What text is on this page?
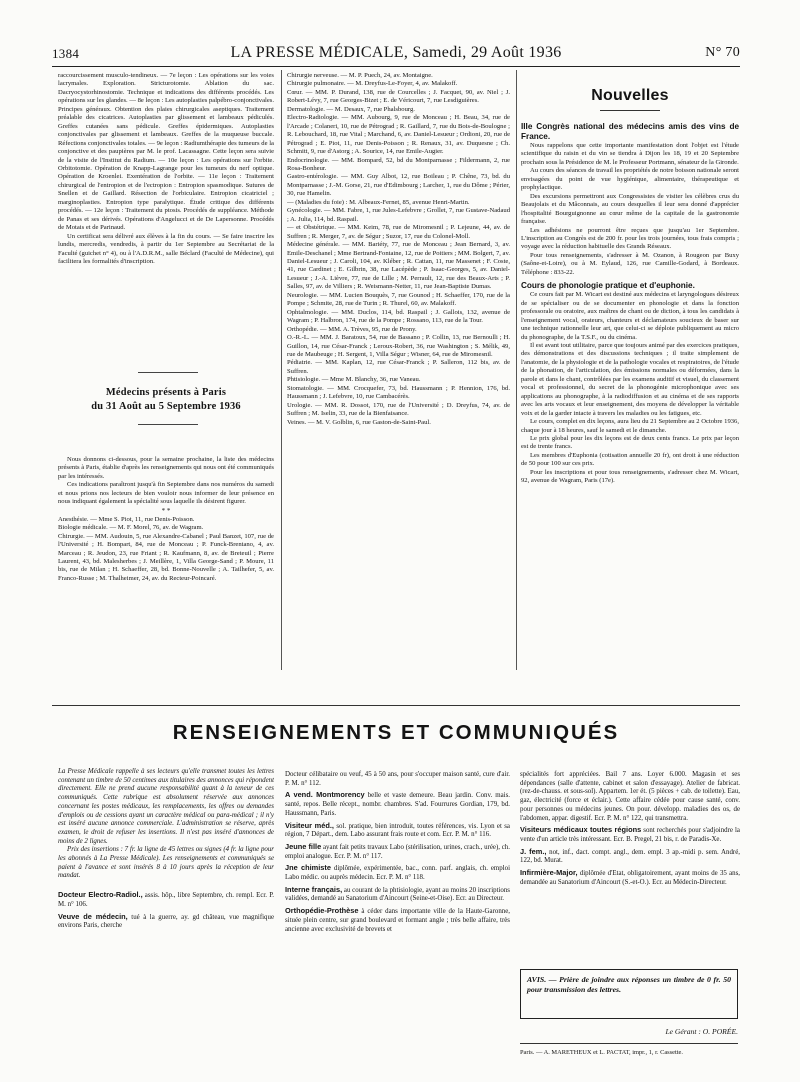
1384	LA PRESSE MÉDICALE, Samedi, 29 Août 1936	N° 70

raccourcissement musculo-tendineux. — 7e leçon : Les opérations sur les voies lacrymales. Exploration. Stricturotomie. Ablation du sac. Dacryocystorhinostomie. Technique et indications des différents procédés. Les opérations sur les glandes. — 8e leçon : Les autoplasties palpébro-conjonctivales. Principes généraux. Obtention des plaies chirurgicales aseptiques. Traitement préalable des cicatrices. Autoplasties par glissement et lambeaux pédiculés. Greffes cutanées sans pédicule. Greffes épidermiques. Autoplasties conjonctivales par glissement et lambeaux. Greffes de la muqueuse buccale. Réfections conjonctivales totales. — 9e leçon : Radiumthérapie des tumeurs de la conjonctive et des paupières par M. le prof. Lacassagne. Cette leçon sera suivie de la visite de l'Institut du Radium. — 10e leçon : Les opérations sur l'orbite. Orbitotomie. Opération de Knapp-Lagrange pour les tumeurs du nerf optique. Opération de Kroenlei. Exentération de l'orbite. — 11e leçon : Traitement chirurgical de l'entropion et de l'ectropion : Entropion spasmodique. Sutures de Snellen et de Gaillard. Résection de l'orbiculaire. Entropion cicatriciel ; marginoplasties. Entropion type paralytique. Étude critique des différents procédés. — 12e leçon : Traitement du ptosis. Procédés de suppléance. Méthode de Panas et ses dérivés. Opérations d'Angelucci et de De Lapersonne. Procédés de Motais et de Parinaud.

Un certificat sera délivré aux élèves à la fin du cours. — Se faire inscrire les lundis, mercredis, vendredis, à partir du 1er Septembre au Secrétariat de la Faculté (guichet n° 4), ou à l'A.D.R.M., salle Béclard (Faculté de Médecine), qui facilitera les formalités d'inscription.

Médecins présents à Paris
du 31 Août au 5 Septembre 1936

Nous donnons ci-dessous, pour la semaine prochaine, la liste des médecins présents à Paris, établie d'après les renseignements qui nous ont été communiqués par les intéressés.

Ces indications paraîtront jusqu'à fin Septembre dans nos numéros du samedi et nous prions nos lecteurs de bien vouloir nous informer de leur présence en nous indiquant également la spécialité sous laquelle ils désirent figurer.

* *

Anesthésie. — Mme S. Piot, 11, rue Denis-Poisson.

Biologie médicale. — M. F. Morel, 76, av. de Wagram.

Chirurgie. — MM. Audouin, 5, rue Alexandre-Cabanel ; Paul Banzet, 107, rue de l'Université ; H. Bompart, 84, rue de Monceau ; P. Funck-Brentano, 4, av. Marceau ; R. Jeudon, 23, rue Friant ; R. Kaufmann, 8, av. de Breteuil ; Pierre Laurent, 43, bd. Malesherbes ; J. Meillère, 1, Villa George-Sand ; P. Moure, 11 bis, rue de Milan ; H. Schaeffer, 28, bd. Bonne-Nouvelle ; A. Tailhefer, 5, av. Franco-Russe ; M. Thalheimer, 24, av. du Recteur-Poincaré.

Chirurgie nerveuse. — M. P. Puech, 24, av. Montaigne.

Chirurgie pulmonaire. — M. Dreyfus-Le-Foyer, 4, av. Malakoff.

Cœur. — MM. P. Durand, 138, rue de Courcelles ; J. Facquet, 90, av. Niel ; J. Robert-Lévy, 7, rue Georges-Bizet ; E. de Véricourt, 7, rue Lesdiguières.

Dermatologie. — M. Desaux, 7, rue Phalsbourg.

Electro-Radiologie. — MM. Aubourg, 9, rue de Monceau ; H. Beau, 34, rue de l'Arcade ; Colaneri, 10, rue de Pétrograd ; R. Gaillard, 7, rue du Bois-de-Boulogne ; R. Lebouchard, 18, rue Vital ; Marchand, 6, av. Daniel-Lesueur ; Ordioni, 20, rue de Pétrograd ; E. Piot, 11, rue Denis-Poisson ; R. Renaux, 31, av. Duquesne ; Ch. Schmitt, 9, rue d'Astorg ; A. Sourice, 14, rue Emile-Augier.

Endocrinologie. — MM. Bompard, 52, bd du Montparnasse ; Fildermann, 2, rue Rosa-Bonheur.

Gastro-entérologie. — MM. Guy Albot, 12, rue Boileau ; P. Chêne, 73, bd. du Montparnasse ; J.-M. Gorse, 21, rue d'Edimbourg ; Larcher, 1, rue du Dôme ; Périer, 30, rue Hamelin.

— (Maladies du foie) : M. Albeaux-Fernet, 85, avenue Henri-Martin.

Gynécologie. — MM. Fabre, 1, rue Jules-Lefebvre ; Grollet, 7, rue Gustave-Nadaud ; A. Julia, 114, bd. Raspail.

— et Obstétrique. — MM. Keim, 78, rue de Miromesnil ; P. Lejeune, 44, av. de Suffren ; R. Merger, 7, av. de Ségur ; Suzor, 17, rue du Colonel-Moll.

Médecine générale. — MM. Bariéty, 77, rue de Monceau ; Jean Bernard, 3, av. Emile-Deschanel ; Mme Bertrand-Fontaine, 12, rue de Poitiers ; MM. Bolgert, 7, av. Daniel-Lesueur ; J. Caroli, 104, av. Kléber ; R. Cattan, 11, rue Massenet ; F. Coste, 41, rue Cardinet ; E. Gilbrin, 38, rue Lacépède ; P. Isaac-Georges, 5, av. Daniel-Lesueur ; J.-A. Lièvre, 77, rue de Lille ; M. Perrault, 12, rue des Beaux-Arts ; P. Salles, 97, av. de Villiers ; R. Weismann-Netter, 11, rue Jean-Baptiste Dumas.

Neurologie. — MM. Lucien Bouquès, 7, rue Gounod ; H. Schaeffer, 170, rue de la Pompe ; Schmite, 28, rue de Turin ; R. Thurel, 60, av. Malakoff.

Ophtalmologie. — MM. Duclos, 114, bd. Raspail ; J. Gallois, 132, avenue de Wagram ; P. Halbron, 174, rue de la Pompe ; Rossano, 113, rue de la Tour.

Orthopédie. — MM. A. Trèves, 95, rue de Prony.

O.-R.-L. — MM. J. Baratoux, 54, rue de Bassano ; P. Collin, 13, rue Bernoulli ; H. Guillon, 14, rue César-Franck ; Leroux-Robert, 36, rue Washington ; S. Mélik, 49, rue de Maubeuge ; H. Sergent, 1, Villa Ségur ; Wisner, 64, rue de Miromesnil.

Pédiatrie. — MM. Kaplan, 12, rue César-Franck ; P. Salleron, 112 bis, av. de Suffren.

Phtisiologie. — Mme M. Blanchy, 36, rue Vaneau.

Stomatologie. — MM. Crocquefer, 73, bd. Haussmann ; P. Hennion, 176, bd. Haussmann ; J. Lefebvre, 10, rue Cambacérès.

Urologie. — MM. R. Dossot, 170, rue de l'Université ; D. Dreyfus, 74, av. de Suffren ; M. Iselin, 33, rue de la Bienfaisance.

Veines. — M. V. Golblin, 6, rue Gaston-de-Saint-Paul.

Nouvelles

IIIe Congrès national des médecins amis des vins de France.

Nous rappelons que cette importante manifestation dont l'objet est l'étude scientifique du raisin et du vin se tiendra à Dijon les 18, 19 et 20 Septembre prochain sous la Présidence de M. le Professeur Portmann, sénateur de la Gironde.

Au cours des séances de travail les propriétés de notre boisson nationale seront envisagées du point de vue hygiénique, alimentaire, thérapeutique et prophylactique.

Des excursions permettront aux Congressistes de visiter les célèbres crus du Beaujolais et du Mâconnais, au cours desquelles il leur sera donné d'apprécier l'hospitalité Bourguignonne au cœur même de la capitale de la gastronomie française.

Les adhésions ne pourront être reçues que jusqu'au 1er Septembre. L'inscription au Congrès est de 200 fr. pour les trois journées, tous frais compris ; voyage avec la réduction habituelle des Grands Réseaux.

Pour tous renseignements, s'adresser à M. Ozanon, à Rougeon par Buxy (Saône-et-Loire), ou à M. Eylaud, 126, rue Camille-Godard, à Bordeaux. Téléphone : 833-22.

Cours de phonologie pratique et d'euphonie.

Ce cours fait par M. Wicart est destiné aux médecins et laryngologues désireux de se spécialiser ou de se documenter en phonologie et dans la fonction professorale ou oratoire, aux maîtres de chant ou de diction, à tous les candidats à l'enseignement vocal, orateurs, chanteurs et déclamateurs soucieux de baser sur une technique rationnelle leur art, que celui-ci se déploie publiquement au micro du phonographe, de la T.S.F., ou du cinéma.

Il est avant tout utilitaire, parce que toujours animé par des exercices pratiques, des démonstrations et des discussions techniques ; il traite simplement de l'anatomie, de la physiologie et de la pathologie vocales et respiratoires, de l'étude de la phonation, de l'articulation, des émissions normales ou déformées, dans la parole et dans le chant, contrôlées par les examens auditif et visuel, du classement vocal et professionnel, du secret de la phonogénie microphonique avec ses applications au phonographe, à la radiodiffusion et au cinéma et de ses rapports avec les arts vocaux et leur enseignement, des moyens de développer la véritable voix et de la garder intacte à travers les maladies ou les fatigues, etc.

Le cours, complet en dix leçons, aura lieu du 21 Septembre au 2 Octobre 1936, chaque jour à 18 heures, sauf le samedi et le dimanche.

Le prix global pour les dix leçons est de deux cents francs. Le prix par leçon est de trente francs.

Les membres d'Euphonia (cotisation annuelle 20 fr), ont droit à une réduction de 50 pour 100 sur ces prix.

Pour les inscriptions et pour tous renseignements, s'adresser chez M. Wicart, 92, avenue de Wagram, Paris (17e).

RENSEIGNEMENTS ET COMMUNIQUÉS

La Presse Médicale rappelle à ses lecteurs qu'elle transmet toutes les lettres contenant un timbre de 50 centimes aux titulaires des annonces qui répondent directement. Elle ne prend aucune responsabilité quant à la teneur de ces communiqués. Cette rubrique est absolument réservée aux annonces concernant les postes médicaux, les remplacements, les offres ou demandes d'emplois ou de cessions ayant un caractère médical ou para-médical ; il n'y est inséré aucune annonce commerciale. L'administration se réserve, après examen, le droit de refuser les insertions. Il n'est pas inséré d'annonces de moins de 2 lignes.

Prix des insertions : 7 fr. la ligne de 45 lettres ou signes (4 fr. la ligne pour les abonnés à La Presse Médicale). Les renseignements et communiqués se paient à l'avance et sont insérés 8 à 10 jours après la réception de leur mandat.

Docteur Electro-Radiol., assis. hôp., libre Septembre, ch. rempl. Ecr. P. M. n° 106.

Veuve de médecin, tué à la guerre, ay. gd château, vue magnifique environs Paris, cherche

Docteur célibataire ou veuf, 45 à 50 ans, pour s'occuper maison santé, cure d'air. P. M. n° 112.

A vend. Montmorency belle et vaste demeure. Beau jardin. Conv. mais. santé, repos. Belle récept., nombr. chambres. S'ad. Fourrures Gordian, 179, bd. Haussmann, Paris.

Visiteur méd., sol. pratique, bien introduit, toutes références, vis. Lyon et sa région, 7 Départ., dem. Labo assurant frais route et com. Ecr. P. M. n° 116.

Jeune fille ayant fait petits travaux Labo (stérilisation, urines, crach., urée), ch. emploi analogue. Ecr. P. M. n° 117.

Jne chimiste diplômée, expérimentée, bac., conn. parf. anglais, ch. emploi Labo médic. ou auprès médecin. Ecr. P. M. n° 118.

Interne français, au courant de la phtisiologie, ayant au moins 20 inscriptions validées, demandé au Sanatorium d'Aincourt (Seine-et-Oise). Ecr. au Directeur.

Orthopédie-Prothèse à céder dans importante ville de la Haute-Garonne, située plein centre, sur grand boulevard et formant angle ; très belle affaire, très ancienne avec exclusivité de brevets et

spécialités fort appréciées. Bail 7 ans. Loyer 6.000. Magasin et ses dépendances (salle d'attente, cabinet et salon d'essayage). Atelier de fabricat. (rez-de-chauss. et sous-sol). Appartem. 1er ét. (5 pièces + cab. de toilette). Eau, gaz, électricité (force et éclair.). Cette affaire cédée pour cause santé, conv. pour personnes ou médecins jeunes. On pour. développ. maladies des os, de l'abdomen, appar. digestif. Ecr. P. M. n° 122, qui transmettra.

Visiteurs médicaux toutes régions sont recherchés pour s'adjoindre la vente d'un article très intéressant. Ecr. B. Pregel, 21 bis, r. de Paradis-Xe.

J. fem., not, inf., dact. compt. angl., dem. empl. 3 ap.-midi p. sem. André, 122, bd. Murat.

Infirmière-Major, diplômée d'Etat, obligatoirement, ayant moins de 35 ans, demandée au Sanatorium d'Aincourt (S.-et-O.). Ecr. au Médecin-Directeur.

AVIS. — Prière de joindre aux réponses un timbre de 0 fr. 50 pour transmission des lettres.
Le Gérant : O. PORÉE.
Paris. — A. MARETHEUX et L. PACTAT, impr., 1, r. Cassette.
